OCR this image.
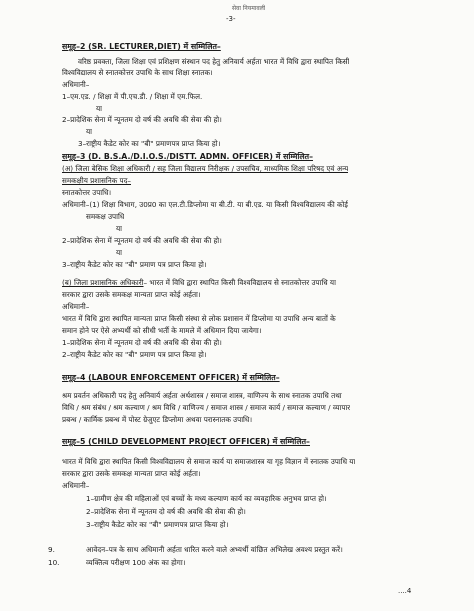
सेवा नियमावली
-3-
समूह–2 (SR. LECTURER,DIET) में सम्मिलित–
वरिष्ठ प्रवक्ता, जिला शिक्षा एवं प्रशिक्षण संस्थान पद हेतु अनिवार्य अर्हता भारत में विधि द्वारा स्थापित किसी
विश्वविद्यालय से स्नातकोत्तर उपाधि के साथ शिक्षा स्नातक।
अधिमानी–
1–एम.एड. / शिक्षा में पी.एच.डी. / शिक्षा में एम.फिल.
या
2–प्रादेशिक सेना में न्यूनतम दो वर्ष की अवधि की सेवा की हो।
या
3–राष्ट्रीय कैडेट कोर का "बी" प्रमाणपत्र प्राप्त किया हो।
समूह–3 (D. B.S.A./D.I.O.S./DISTT. ADMN. OFFICER) में सम्मिलित–
(अ) जिला बेसिक शिक्षा अधिकारी / सह जिला विद्यालय निरीक्षक / उपसचिव, माध्यमिक शिक्षा परिषद एवं अन्य
समकक्षीय प्रशासनिक पद–
स्नातकोत्तर उपाधि।
अधिमानी–(1) शिक्षा विभाग, उ0प्र0 का एल.टी.डिप्लोमा या बी.टी. या बी.एड. या किसी विश्वविद्यालय की कोई
समकक्ष उपाधि
या
2–प्रादेशिक सेना में न्यूनतम दो वर्ष की अवधि की सेवा की हो।
या
3–राष्ट्रीय कैडेट कोर का "बी" प्रमाण पत्र प्राप्त किया हो।
(ब) जिला प्रशासनिक अधिकारी– भारत में विधि द्वारा स्थापित किसी विश्वविद्यालय से स्नातकोत्तर उपाधि या
सरकार द्वारा उसके समकक्ष मान्यता प्राप्त कोई अर्हता।
अधिमानी–
भारत में विधि द्वारा स्थापित मान्यता प्राप्त किसी संस्था से लोक प्रशासन में डिप्लोमा या उपाधि अन्य बातों के
समान होने पर ऐसे अभ्यर्थी को सीधी भर्ती के मामले में अधिमान दिया जायेगा।
1–प्रादेशिक सेना में न्यूनतम दो वर्ष की अवधि की सेवा की हो।
2–राष्ट्रीय कैडेट कोर का "बी" प्रमाण पत्र प्राप्त किया हो।
समूह–4 (LABOUR ENFORCEMENT OFFICER) में सम्मिलित–
श्रम प्रवर्तन अधिकारी पद हेतु अनिवार्य अर्हता अर्थशास्त्र / समाज शास्त्र, वाणिज्य के साथ स्नातक उपाधि तथा
विधि / श्रम संबंध / श्रम कल्याण / श्रम विधि / वाणिज्य / समाज शास्त्र / समाज कार्य / समाज कल्याण / व्यापार
प्रबन्ध / कार्मिक प्रबन्ध में पोस्ट ग्रेजुएट डिप्लोमा अथवा परास्नातक उपाधि।
समूह–5 (CHILD DEVELOPMENT PROJECT OFFICER) में सम्मिलित–
भारत में विधि द्वारा स्थापित किसी विश्वविद्यालय से समाज कार्य या समाजशास्त्र या गृह विज्ञान में स्नातक उपाधि या
सरकार द्वारा उसके समकक्ष मान्यता प्राप्त कोई अर्हता।
अधिमानी–
1–ग्रामीण क्षेत्र की महिलाओं एवं बच्चों के मध्य कल्याण कार्य का व्यवहारिक अनुभव प्राप्त हो।
2–प्रादेशिक सेना में न्यूनतम दो वर्ष की अवधि की सेवा की हो।
3–राष्ट्रीय कैडेट कोर का "बी" प्रमाणपत्र प्राप्त किया हो।
9.	आवेदन–पत्र के साथ अधिमानी अर्हता धारित करने वाले अभ्यर्थी वांछित अभिलेख अवश्य प्रस्तुत करें।
10.	व्यक्तित्व परीक्षण 100 अंक का होगा।
....4
